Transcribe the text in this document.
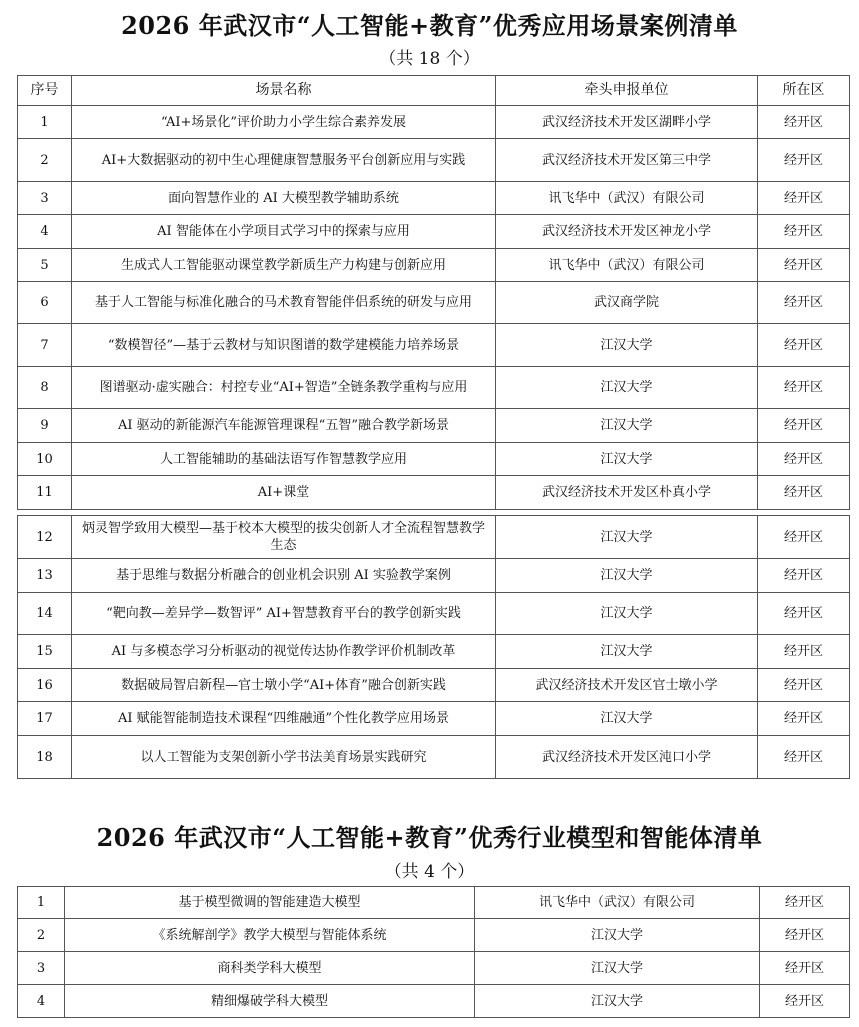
2026 年武汉市“人工智能+教育”优秀应用场景案例清单
（共 18 个）
序号	场景名称	牵头申报单位	所在区
1	“AI+场景化”评价助力小学生综合素养发展	武汉经济技术开发区湖畔小学	经开区
2	AI+大数据驱动的初中生心理健康智慧服务平台创新应用与实践	武汉经济技术开发区第三中学	经开区
3	面向智慧作业的 AI 大模型教学辅助系统	讯飞华中（武汉）有限公司	经开区
4	AI 智能体在小学项目式学习中的探索与应用	武汉经济技术开发区神龙小学	经开区
5	生成式人工智能驱动课堂教学新质生产力构建与创新应用	讯飞华中（武汉）有限公司	经开区
6	基于人工智能与标准化融合的马术教育智能伴侣系统的研发与应用	武汉商学院	经开区
7	“数模智径”—基于云教材与知识图谱的数学建模能力培养场景	江汉大学	经开区
8	图谱驱动·虚实融合：村控专业“AI+智造”全链条教学重构与应用	江汉大学	经开区
9	AI 驱动的新能源汽车能源管理课程“五智”融合教学新场景	江汉大学	经开区
10	人工智能辅助的基础法语写作智慧教学应用	江汉大学	经开区
11	AI+课堂	武汉经济技术开发区朴真小学	经开区

12	炳灵智学致用大模型—基于校本大模型的拔尖创新人才全流程智慧教学生态	江汉大学	经开区
13	基于思维与数据分析融合的创业机会识别 AI 实验教学案例	江汉大学	经开区
14	“靶向教—差异学—数智评” AI+智慧教育平台的教学创新实践	江汉大学	经开区
15	AI 与多模态学习分析驱动的视觉传达协作教学评价机制改革	江汉大学	经开区
16	数据破局智启新程—官士墩小学“AI+体育”融合创新实践	武汉经济技术开发区官士墩小学	经开区
17	AI 赋能智能制造技术课程“四维融通”个性化教学应用场景	江汉大学	经开区
18	以人工智能为支架创新小学书法美育场景实践研究	武汉经济技术开发区沌口小学	经开区
2026 年武汉市“人工智能+教育”优秀行业模型和智能体清单
（共 4 个）
1	基于模型微调的智能建造大模型	讯飞华中（武汉）有限公司	经开区
2	《系统解剖学》教学大模型与智能体系统	江汉大学	经开区
3	商科类学科大模型	江汉大学	经开区
4	精细爆破学科大模型	江汉大学	经开区
